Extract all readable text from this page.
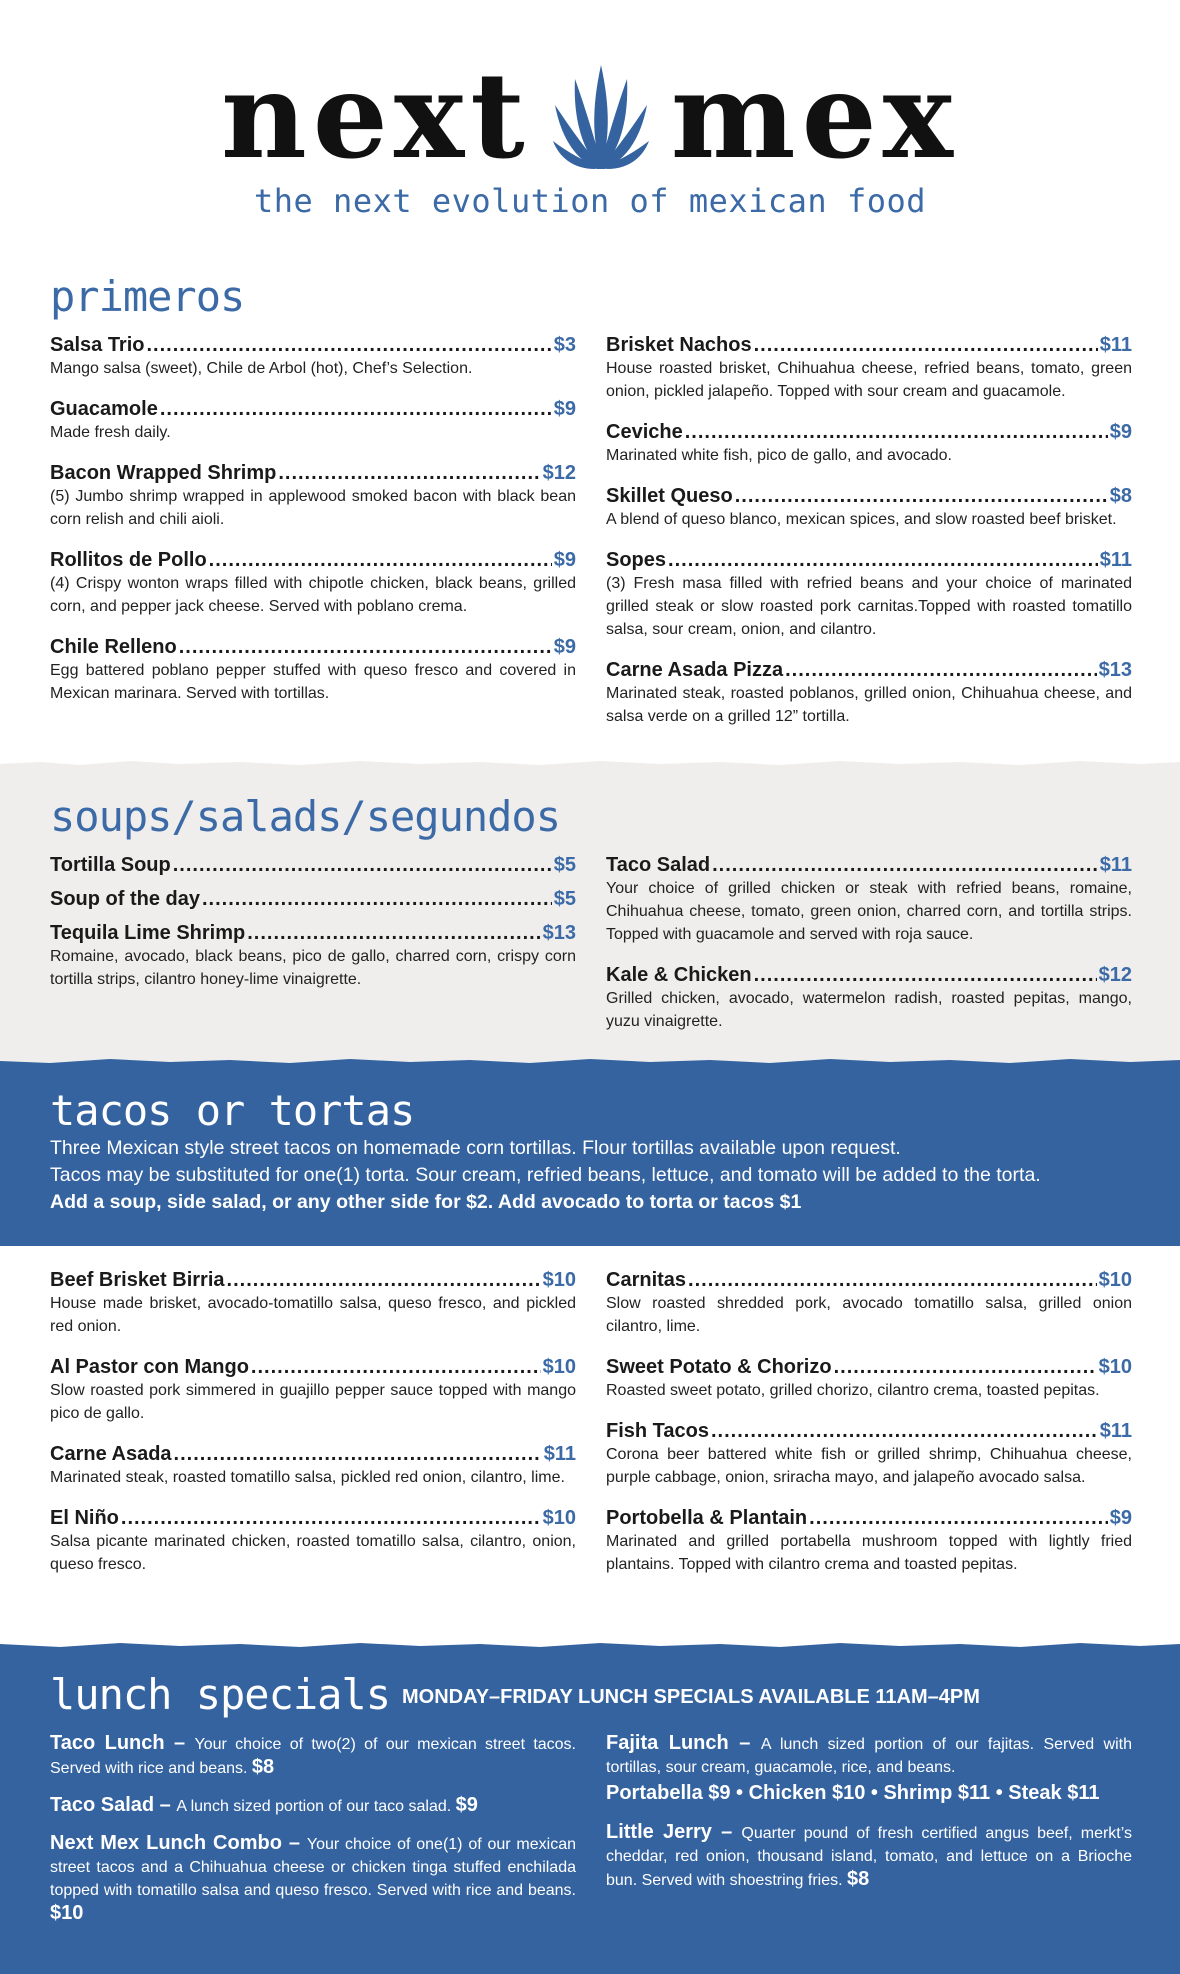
next mex
the next evolution of mexican food
primeros
Salsa Trio .....	$3
Mango salsa (sweet), Chile de Arbol (hot), Chef’s Selection.
Guacamole .....	$9
Made fresh daily.
Bacon Wrapped Shrimp .....	$12
(5) Jumbo shrimp wrapped in applewood smoked bacon with black bean corn relish and chili aioli.
Rollitos de Pollo .....	$9
(4) Crispy wonton wraps filled with chipotle chicken, black beans, grilled corn, and pepper jack cheese. Served with poblano crema.
Chile Relleno .....	$9
Egg battered poblano pepper stuffed with queso fresco and covered in Mexican marinara. Served with tortillas.
Brisket Nachos .....	$11
House roasted brisket, Chihuahua cheese, refried beans, tomato, green onion, pickled jalapeño. Topped with sour cream and guacamole.
Ceviche .....	$9
Marinated white fish, pico de gallo, and avocado.
Skillet Queso .....	$8
A blend of queso blanco, mexican spices, and slow roasted beef brisket.
Sopes .....	$11
(3) Fresh masa filled with refried beans and your choice of marinated grilled steak or slow roasted pork carnitas.Topped with roasted tomatillo salsa, sour cream, onion, and cilantro.
Carne Asada Pizza .....	$13
Marinated steak, roasted poblanos, grilled onion, Chihuahua cheese, and salsa verde on a grilled 12” tortilla.
soups/salads/segundos
Tortilla Soup .....	$5
Soup of the day .....	$5
Tequila Lime Shrimp .....	$13
Romaine, avocado, black beans, pico de gallo, charred corn, crispy corn tortilla strips, cilantro honey-lime vinaigrette.
Taco Salad .....	$11
Your choice of grilled chicken or steak with refried beans, romaine, Chihuahua cheese, tomato, green onion, charred corn, and tortilla strips. Topped with guacamole and served with roja sauce.
Kale & Chicken .....	$12
Grilled chicken, avocado, watermelon radish, roasted pepitas, mango, yuzu vinaigrette.
tacos or tortas
Three Mexican style street tacos on homemade corn tortillas. Flour tortillas available upon request.
Tacos may be substituted for one(1) torta. Sour cream, refried beans, lettuce, and tomato will be added to the torta.
Add a soup, side salad, or any other side for $2. Add avocado to torta or tacos $1
Beef Brisket Birria .....	$10
House made brisket, avocado-tomatillo salsa, queso fresco, and pickled red onion.
Al Pastor con Mango .....	$10
Slow roasted pork simmered in guajillo pepper sauce topped with mango pico de gallo.
Carne Asada .....	$11
Marinated steak, roasted tomatillo salsa, pickled red onion, cilantro, lime.
El Niño .....	$10
Salsa picante marinated chicken, roasted tomatillo salsa, cilantro, onion, queso fresco.
Carnitas .....	$10
Slow roasted shredded pork, avocado tomatillo salsa, grilled onion cilantro, lime.
Sweet Potato & Chorizo .....	$10
Roasted sweet potato, grilled chorizo, cilantro crema, toasted pepitas.
Fish Tacos .....	$11
Corona beer battered white fish or grilled shrimp, Chihuahua cheese, purple cabbage, onion, sriracha mayo, and jalapeño avocado salsa.
Portobella & Plantain .....	$9
Marinated and grilled portabella mushroom topped with lightly fried plantains. Topped with cilantro crema and toasted pepitas.
lunch specials
Taco Lunch – Your choice of two(2) of our mexican street tacos. Served with rice and beans. $8
Taco Salad – A lunch sized portion of our taco salad. $9
Next Mex Lunch Combo – Your choice of one(1) of our mexican street tacos and a Chihuahua cheese or chicken tinga stuffed enchilada topped with tomatillo salsa and queso fresco. Served with rice and beans. $10
Fajita Lunch – A lunch sized portion of our fajitas. Served with tortillas, sour cream, guacamole, rice, and beans.
Portabella $9 • Chicken $10 • Shrimp $11 • Steak $11
Little Jerry – Quarter pound of fresh certified angus beef, merkt’s cheddar, red onion, thousand island, tomato, and lettuce on a Brioche bun. Served with shoestring fries. $8
MONDAY–FRIDAY LUNCH SPECIALS AVAILABLE 11AM–4PM
